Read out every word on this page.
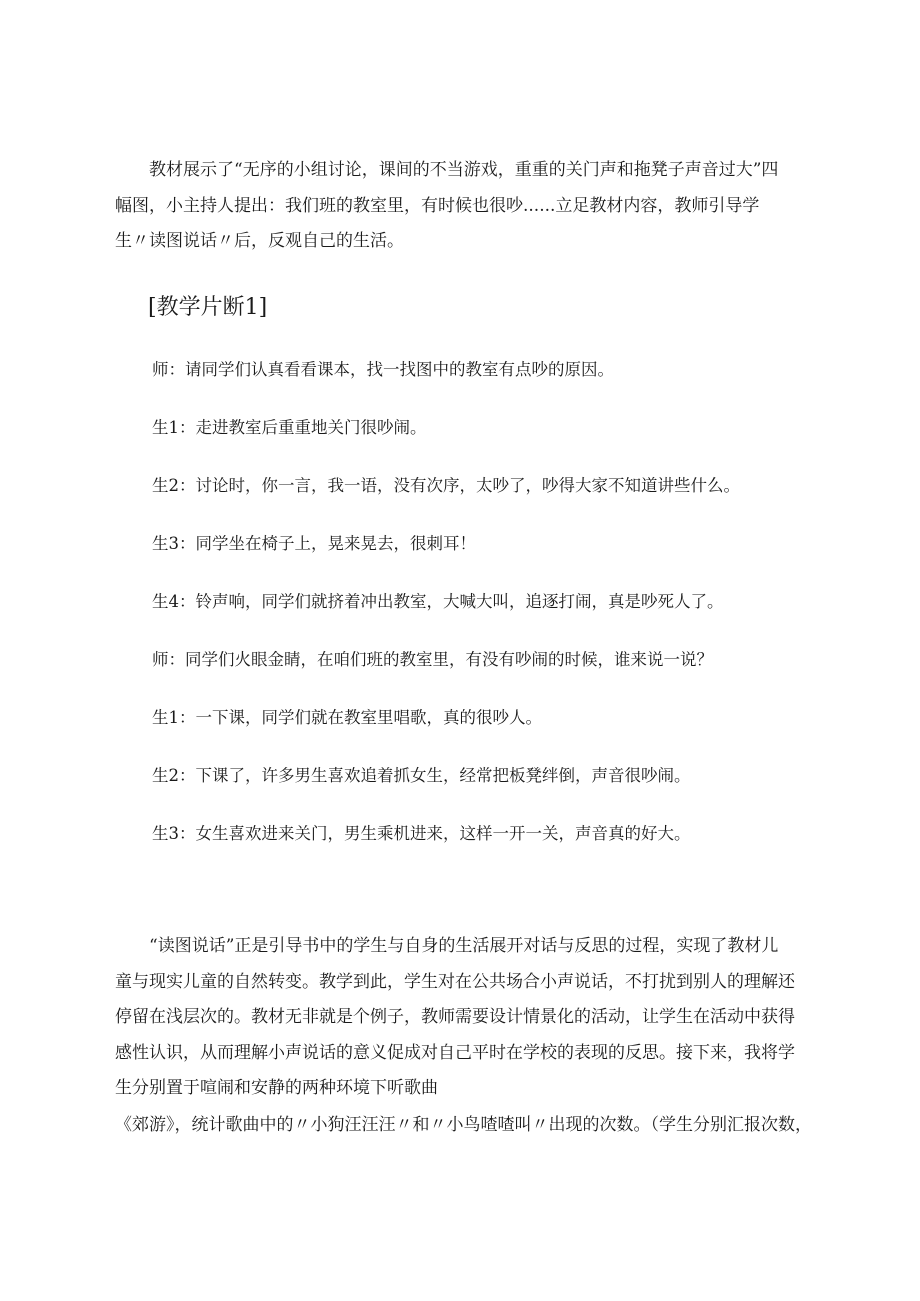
　　教材展示了“无序的小组讨论，课间的不当游戏，重重的关门声和拖凳子声音过大”四
幅图，小主持人提出：我们班的教室里，有时候也很吵......立足教材内容，教师引导学
生〃读图说话〃后，反观自己的生活。

[教学片断1]

师：请同学们认真看看课本，找一找图中的教室有点吵的原因。

生1：走进教室后重重地关门很吵闹。

生2：讨论时，你一言，我一语，没有次序，太吵了，吵得大家不知道讲些什么。

生3：同学坐在椅子上，晃来晃去，很刺耳！

生4：铃声响，同学们就挤着冲出教室，大喊大叫，追逐打闹，真是吵死人了。

师：同学们火眼金睛，在咱们班的教室里，有没有吵闹的时候，谁来说一说？

生1：一下课，同学们就在教室里唱歌，真的很吵人。

生2：下课了，许多男生喜欢追着抓女生，经常把板凳绊倒，声音很吵闹。

生3：女生喜欢进来关门，男生乘机进来，这样一开一关，声音真的好大。

　　“读图说话”正是引导书中的学生与自身的生活展开对话与反思的过程，实现了教材儿
童与现实儿童的自然转变。教学到此，学生对在公共场合小声说话，不打扰到别人的理解还
停留在浅层次的。教材无非就是个例子，教师需要设计情景化的活动，让学生在活动中获得
感性认识，从而理解小声说话的意义促成对自己平时在学校的表现的反思。接下来，我将学
生分别置于喧闹和安静的两种环境下听歌曲

《郊游》，统计歌曲中的〃小狗汪汪汪〃和〃小鸟喳喳叫〃出现的次数。（学生分别汇报次数，
